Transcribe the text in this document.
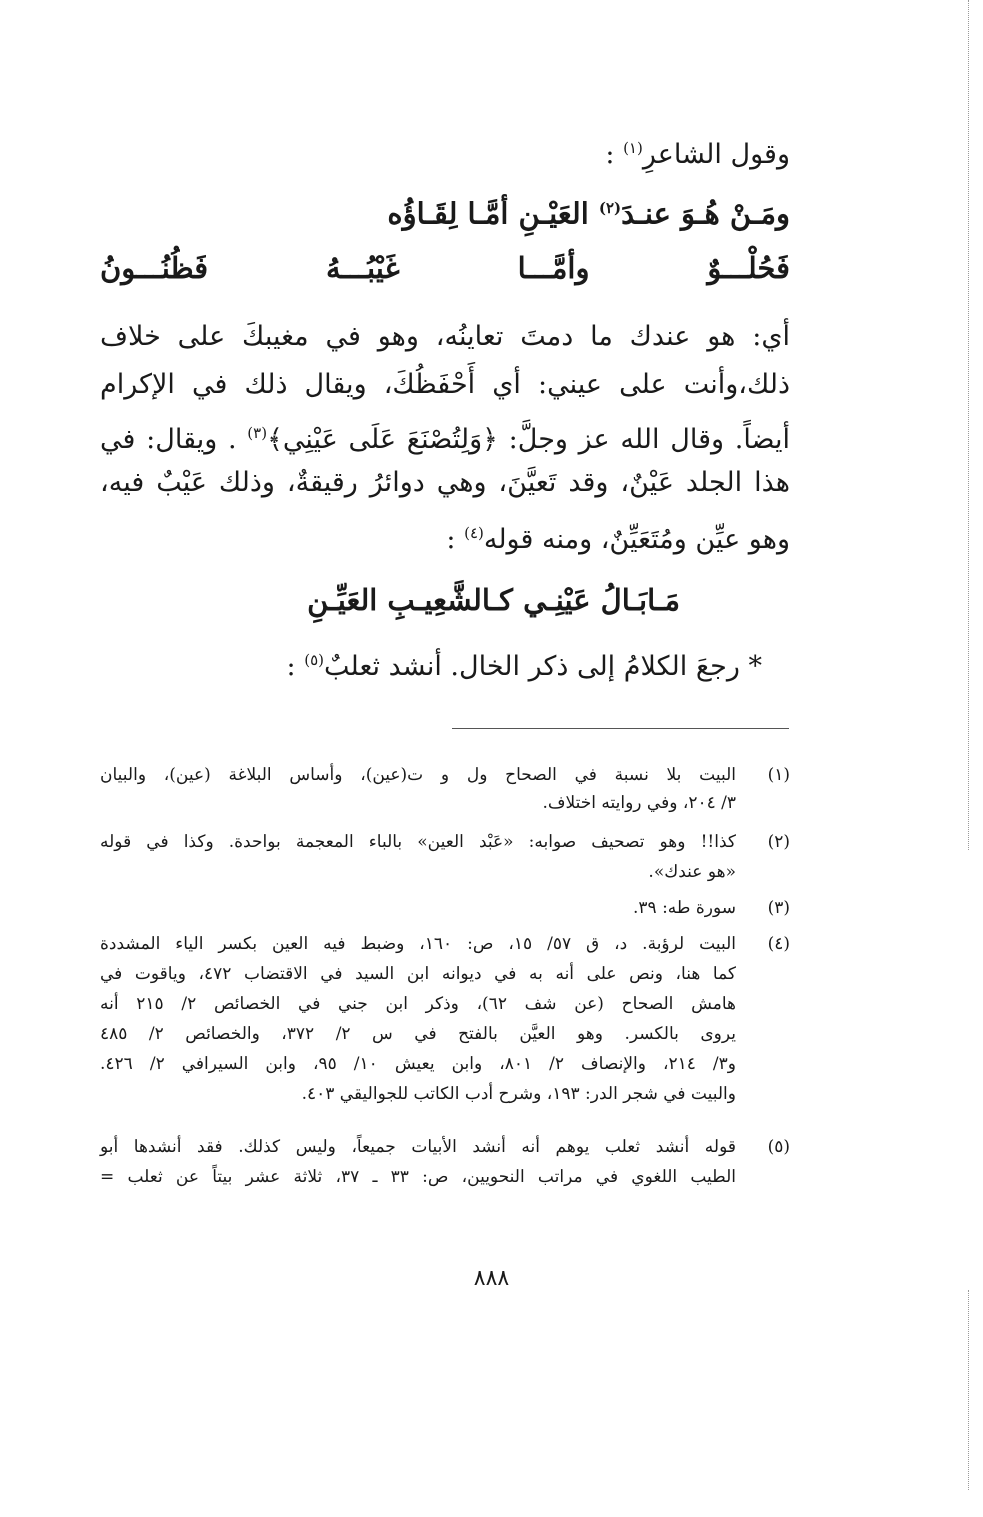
وقول الشاعرِ$^{(١)}$ :
ومَـنْ هُـوَ عنـدَ$^{(٢)}$ العَيْـنِ أمَّـا لِقَـاؤُه
فَحُلْـــوٌ وأمَّـــا غَيْبُـــهُ فَظُنُـــونُ
أي: هو عندك ما دمتَ تعاينُه، وهو في مغيبكَ على خلاف
ذلك،وأنت على عيني: أي أَحْفَظُكَ، ويقال ذلك في الإكرام
أيضاً. وقال الله عز وجلَّ: ﴿وَلِتُصْنَعَ عَلَى عَيْنِي﴾$^{(٣)}$ . ويقال: في
هذا الجلد عَيْنٌ، وقد تَعيَّنَ، وهي دوائرُ رقيقةٌ، وذلك عَيْبٌ فيه،
وهو عيِّن ومُتَعَيِّنٌ، ومنه قوله$^{(٤)}$ :
مَـابَـالُ عَيْنِـي كـالشَّعِيـبِ العَيِّـنِ
* رجعَ الكلامُ إلى ذكر الخال. أنشد ثعلبٌ$^{(٥)}$ :
(١)
البيت بلا نسبة في الصحاح ول و ت(عين)، وأساس البلاغة (عين)، والبيان
٣/ ٢٠٤، وفي روايته اختلاف.
(٢)
كذا!! وهو تصحيف صوابه: «عَبْد العين» بالباء المعجمة بواحدة. وكذا في قوله
«هو عندك».
(٣)
سورة طه: ٣٩.
(٤)
البيت لرؤبة. د، ق ٥٧/ ١٥، ص: ١٦٠، وضبط فيه العين بكسر الياء المشددة
كما هنا، ونص على أنه به في ديوانه ابن السيد في الاقتضاب ٤٧٢، وياقوت في
هامش الصحاح (عن شف ٦٢)، وذكر ابن جني في الخصائص ٢/ ٢١٥ أنه
يروى بالكسر. وهو العيَّن بالفتح في س ٢/ ٣٧٢، والخصائص ٢/ ٤٨٥
و٣/ ٢١٤، والإنصاف ٢/ ٨٠١، وابن يعيش ١٠/ ٩٥، وابن السيرافي ٢/ ٤٢٦.
والبيت في شجر الدر: ١٩٣، وشرح أدب الكاتب للجواليقي ٤٠٣.
(٥)
قوله أنشد ثعلب يوهم أنه أنشد الأبيات جميعاً، وليس كذلك. فقد أنشدها أبو
الطيب اللغوي في مراتب النحويين، ص: ٣٣ ـ ٣٧، ثلاثة عشر بيتاً عن ثعلب =
٨٨٨
